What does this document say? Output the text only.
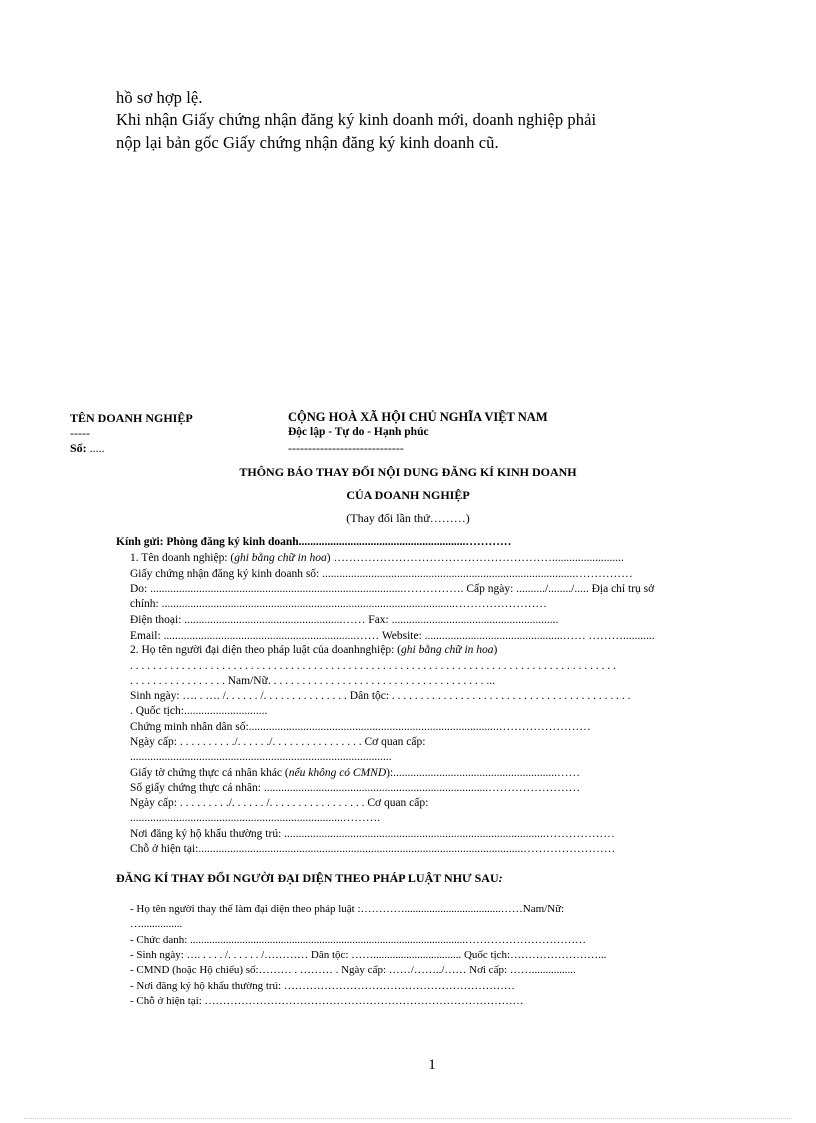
hồ sơ hợp lệ.
Khi nhận Giấy chứng nhận đăng ký kinh doanh mới, doanh nghiệp phải
nộp lại bản gốc Giấy chứng nhận đăng ký kinh doanh cũ.
TÊN DOANH NGHIỆP
-----
Số: .....
CỘNG HOÀ XÃ HỘI CHỦ NGHĨA VIỆT NAM
Độc lập - Tự do - Hạnh phúc
-----------------------------
THÔNG BÁO THAY ĐỔI NỘI DUNG ĐĂNG KÍ KINH DOANH
CỦA DOANH NGHIỆP
(Thay đổi lần thứ………)
Kính gửi: Phòng đăng ký kinh doanh..........................................................…………
1. Tên doanh nghiệp: (ghi bằng chữ in hoa) ………………………………………………….........................
Giấy chứng nhận đăng ký kinh doanh số: ........................................................................................……………
Do: ........................................................................................……………. Cấp ngày: ........../......../..... Địa chỉ trụ sở
chính: ......................................................................................................……………………
Điện thoại: .......................................................…… Fax: ..........................................................
Email: ...................................................................…… Website: ................................................…… ………...........
2. Họ tên người đại diện theo pháp luật của doanhnghiệp: (ghi bằng chữ in hoa)
. . . . . . . . . . . . . . . . . . . . . . . . . . . . . . . . . . . . . . . . . . . . . . . . . . . . . . . . . . . . . . . . . . . . . . . . . . . . . . . . . . . . .
. . . . . . . . . . . . . . . . . Nam/Nữ. . . . . . . . . . . . . . . . . . . . . . . . . . . . . . . . . . . . . . ...
Sinh ngày: …. . …. /. . . . . . /. . . . . . . . . . . . . . . Dân tộc: . . . . . . . . . . . . . . . . . . . . . . . . . . . . . . . . . . . . . . . . . .
. Quốc tịch:.............................
Chứng minh nhân dân số:.......................................................................................……………………
Ngày cấp: . . . . . . . . . ./. . . . . ./. . . . . . . . . . . . . . . . Cơ quan cấp:
...........................................................................................
Giấy tờ chứng thực cá nhân khác (nếu không có CMND):.........................................................……
Số giấy chứng thực cá nhân: ..............................................................................……………………
Ngày cấp: . . . . . . . . ./. . . . . . /. . . . . . . . . . . . . . . . . Cơ quan cấp:
..........................................................................……….
Nơi đăng ký hộ khẩu thường trú: ...........................................................................................………………
Chỗ ở hiện tại:.................................................................................................................……………………
ĐĂNG KÍ THAY ĐỔI NGƯỜI ĐẠI DIỆN THEO PHÁP LUẬT NHƯ SAU:
- Họ tên người thay thế làm đại diện theo pháp luật :…………...................................……Nam/Nữ:
…...............
- Chức danh: ....................................................................................................……………………………
- Sinh ngày: …. . . . . /. . . . . . /………… Dân tộc: ……................................ Quốc tịch:……………………...
- CMND (hoặc Hộ chiếu) số:……… . ……… . Ngày cấp: ……/……../…… Nơi cấp: ……................
- Nơi đăng ký hộ khẩu thường trú: ………………………………………………………
- Chỗ ở hiện tại: ……………………………………………………………………………
1
